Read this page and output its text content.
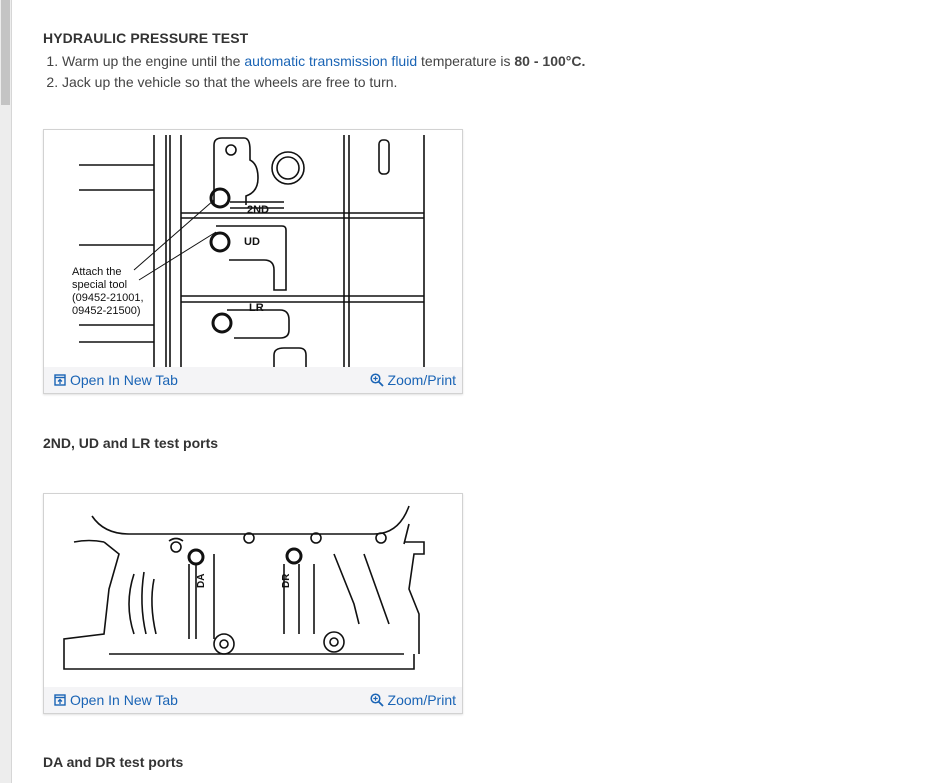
HYDRAULIC PRESSURE TEST
1. Warm up the engine until the automatic transmission fluid temperature is 80 - 100°C.
2. Jack up the vehicle so that the wheels are free to turn.
2ND
UD
LR
Attach the
special tool
(09452-21001,
09452-21500)
Open In New Tab	Zoom/Print
2ND, UD and LR test ports
DA	DR
Open In New Tab	Zoom/Print
DA and DR test ports
